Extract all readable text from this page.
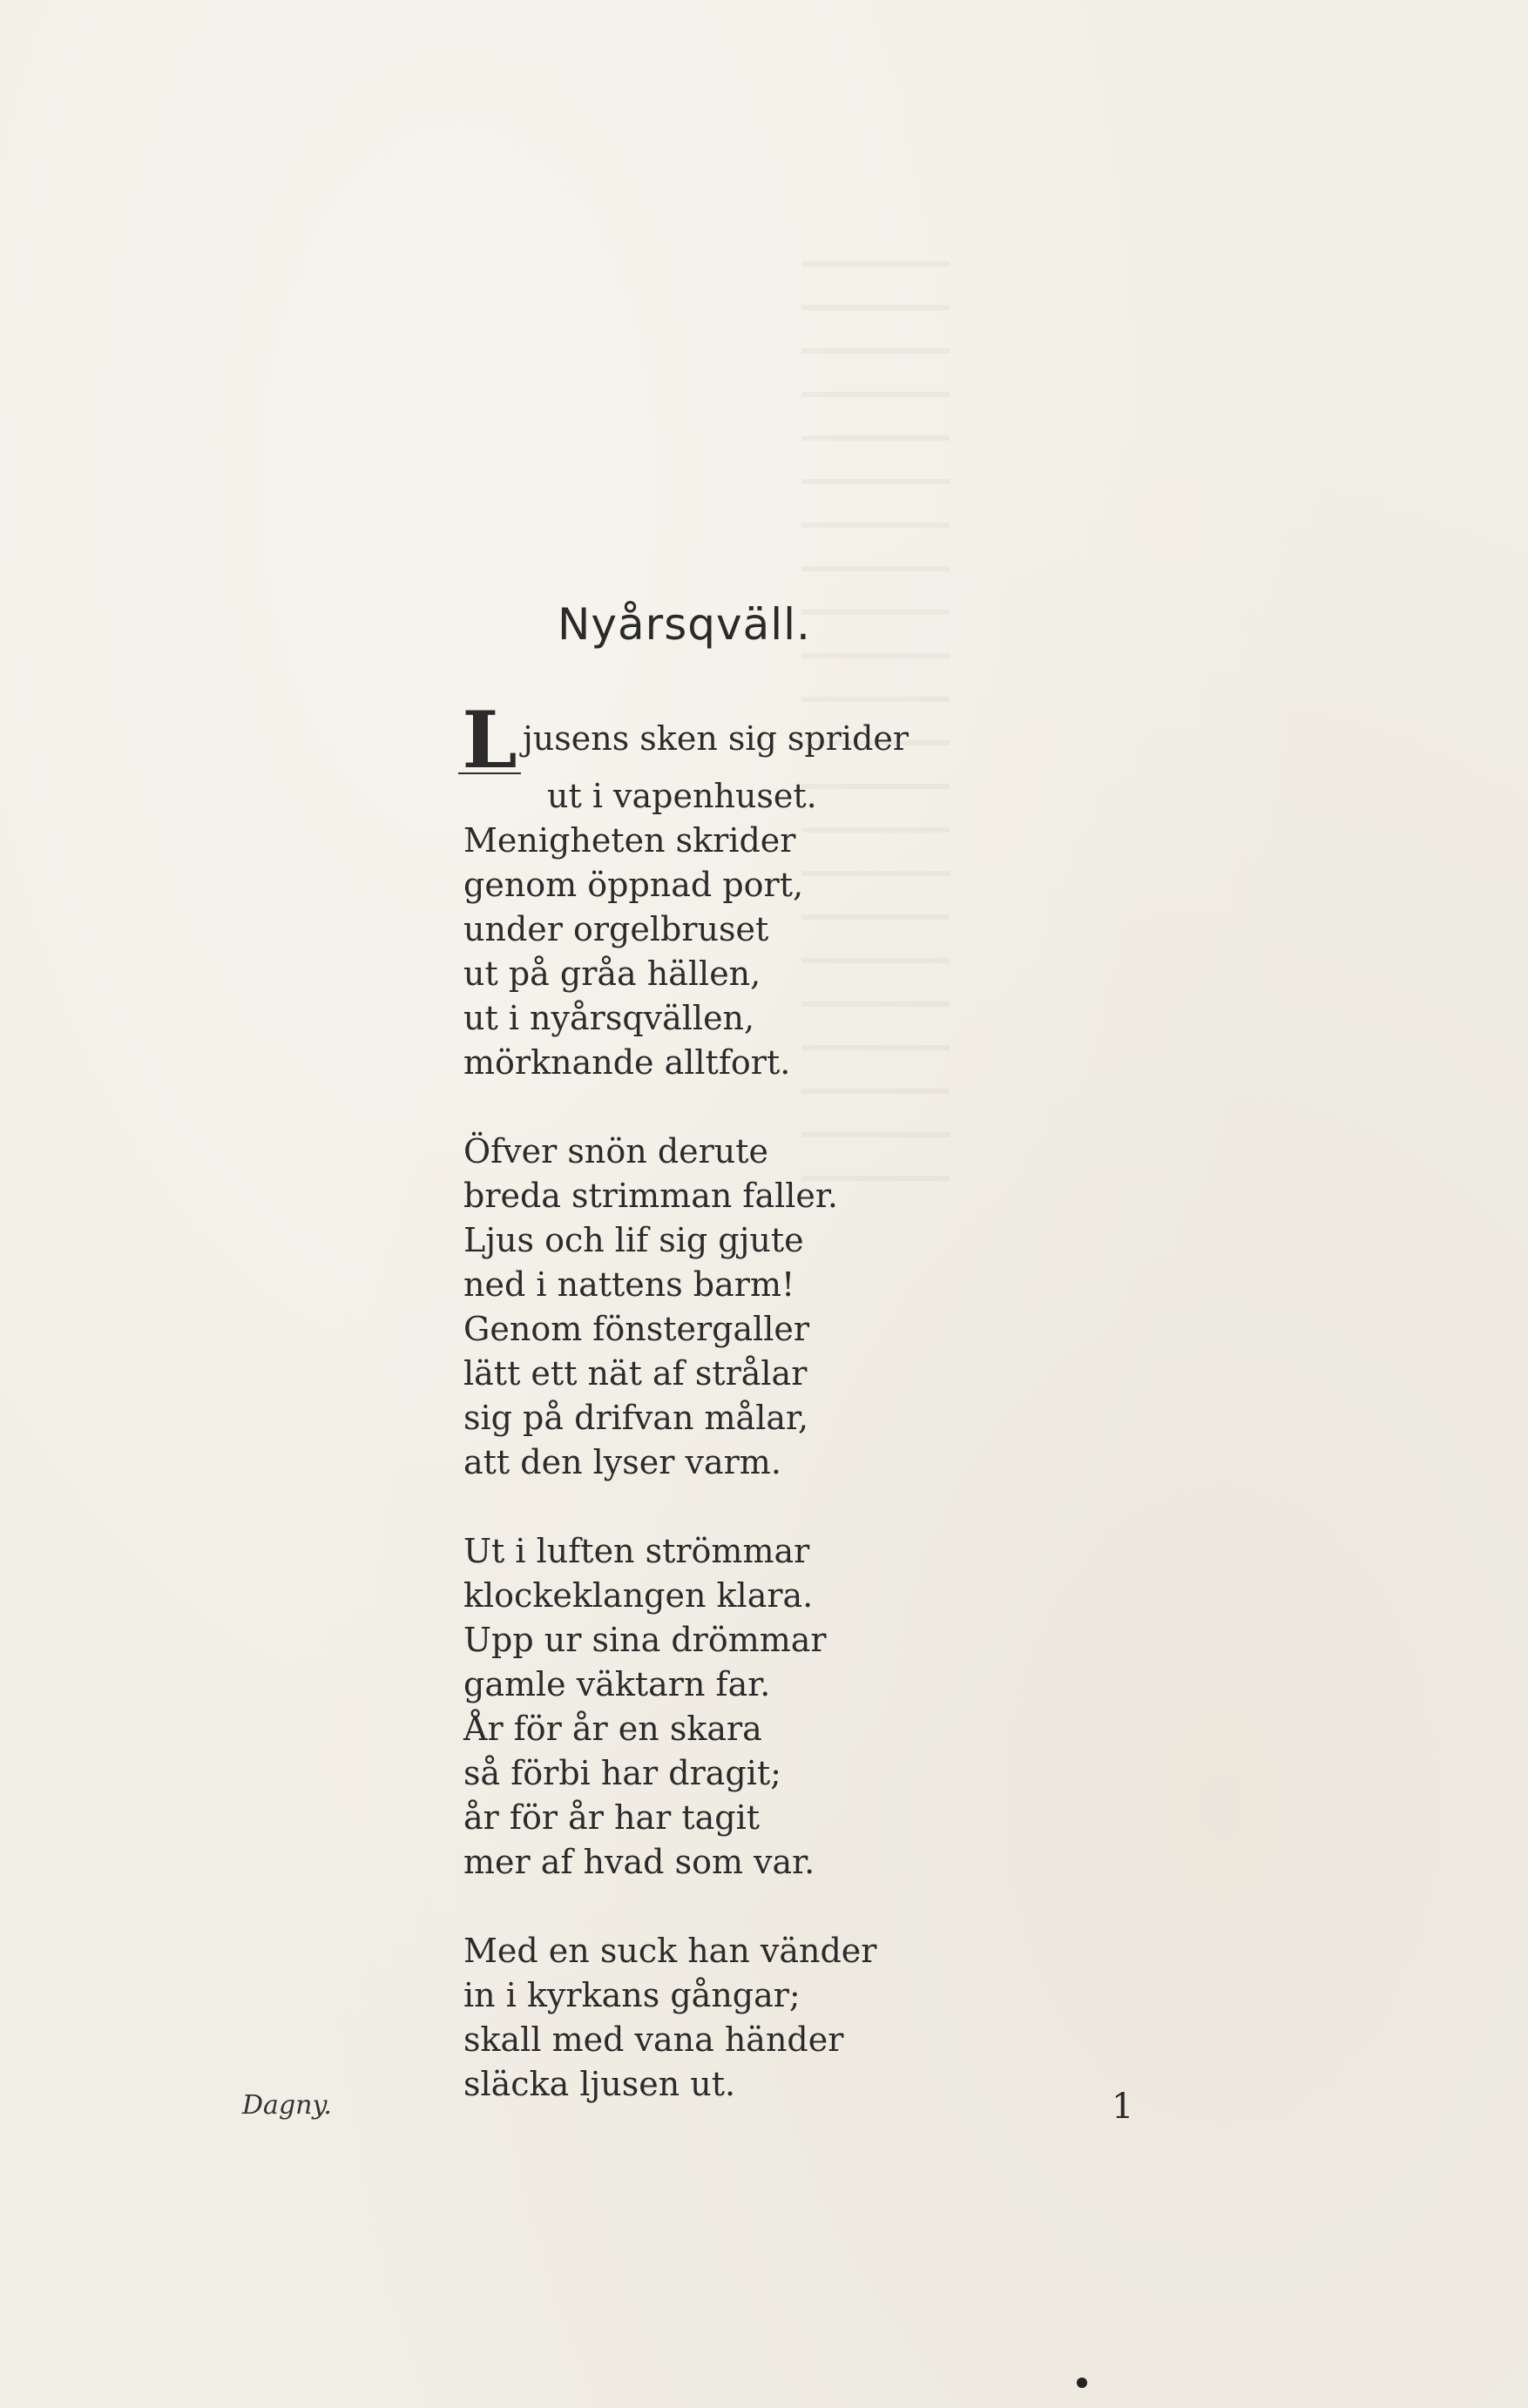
Nyårsqväll.
L jusens sken sig sprider
ut i vapenhuset.
Menigheten skrider
genom öppnad port,
under orgelbruset
ut på gråa hällen,
ut i nyårsqvällen,
mörknande alltfort.
Öfver snön derute
breda strimman faller.
Ljus och lif sig gjute
ned i nattens barm!
Genom fönstergaller
lätt ett nät af strålar
sig på drifvan målar,
att den lyser varm.
Ut i luften strömmar
klockeklangen klara.
Upp ur sina drömmar
gamle väktarn far.
År för år en skara
så förbi har dragit;
år för år har tagit
mer af hvad som var.
Med en suck han vänder
in i kyrkans gångar;
skall med vana händer
släcka ljusen ut.
Dagny.	1
